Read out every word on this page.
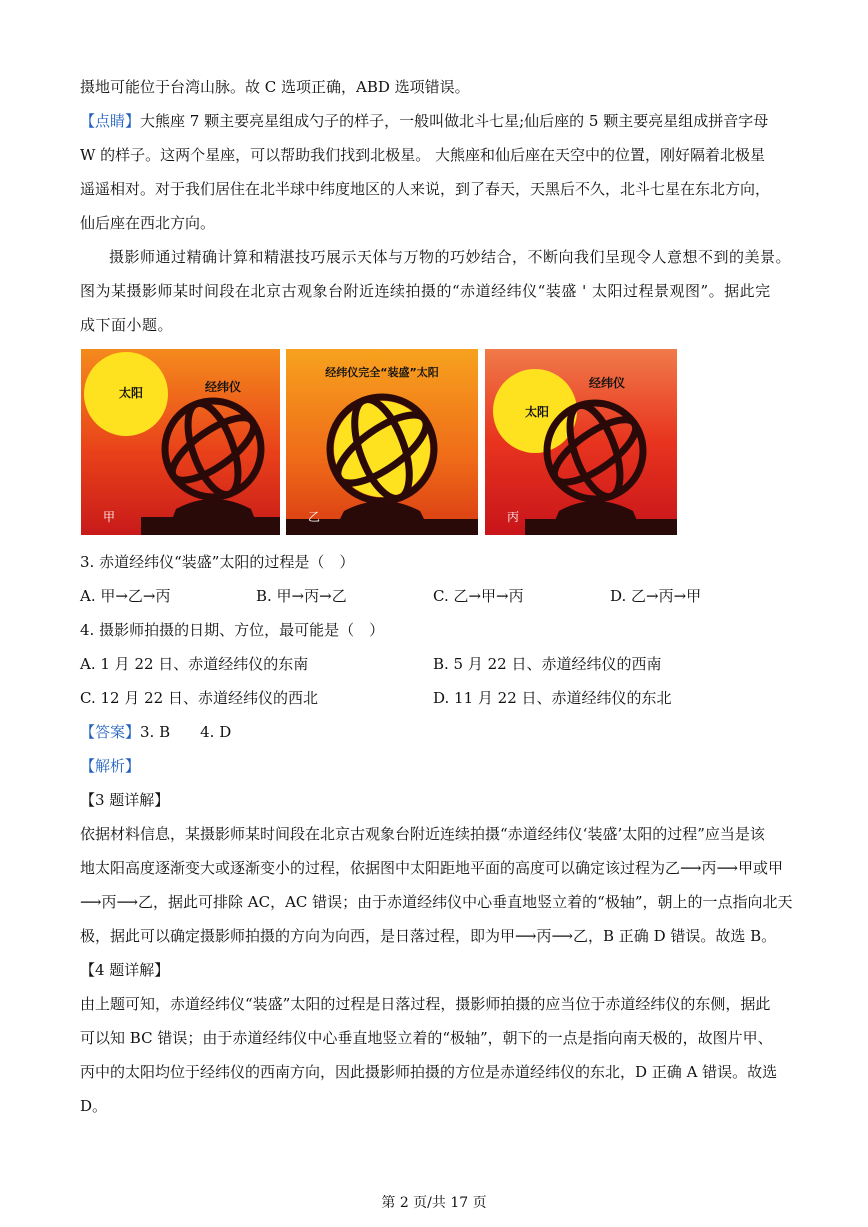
摄地可能位于台湾山脉。故 C 选项正确，ABD 选项错误。
【点睛】大熊座 7 颗主要亮星组成勺子的样子，一般叫做北斗七星;仙后座的 5 颗主要亮星组成拼音字母
W 的样子。这两个星座，可以帮助我们找到北极星。 大熊座和仙后座在天空中的位置，刚好隔着北极星
遥遥相对。对于我们居住在北半球中纬度地区的人来说，到了春天，天黑后不久，北斗七星在东北方向，
仙后座在西北方向。
摄影师通过精确计算和精湛技巧展示天体与万物的巧妙结合，不断向我们呈现令人意想不到的美景。
图为某摄影师某时间段在北京古观象台附近连续拍摄的“赤道经纬仪“装盛 ' 太阳过程景观图”。据此完
成下面小题。
太阳	经纬仪
甲
经纬仪完全“装盛”太阳
乙
太阳
经纬仪
丙
3. 赤道经纬仪“装盛”太阳的过程是（　）
A. 甲→乙→丙	B. 甲→丙→乙	C. 乙→甲→丙	D. 乙→丙→甲
4. 摄影师拍摄的日期、方位，最可能是（　）
A. 1 月 22 日、赤道经纬仪的东南	B. 5 月 22 日、赤道经纬仪的西南
C. 12 月 22 日、赤道经纬仪的西北	D. 11 月 22 日、赤道经纬仪的东北
【答案】3. B　　4. D
【解析】
【3 题详解】
依据材料信息，某摄影师某时间段在北京古观象台附近连续拍摄“赤道经纬仪‘装盛’太阳的过程”应当是该
地太阳高度逐渐变大或逐渐变小的过程，依据图中太阳距地平面的高度可以确定该过程为乙⟶丙⟶甲或甲
⟶丙⟶乙，据此可排除 AC，AC 错误；由于赤道经纬仪中心垂直地竖立着的“极轴”，朝上的一点指向北天
极，据此可以确定摄影师拍摄的方向为向西，是日落过程，即为甲⟶丙⟶乙，B 正确 D 错误。故选 B。
【4 题详解】
由上题可知，赤道经纬仪“装盛”太阳的过程是日落过程，摄影师拍摄的应当位于赤道经纬仪的东侧，据此
可以知 BC 错误；由于赤道经纬仪中心垂直地竖立着的“极轴”，朝下的一点是指向南天极的，故图片甲、
丙中的太阳均位于经纬仪的西南方向，因此摄影师拍摄的方位是赤道经纬仪的东北，D 正确 A 错误。故选
D。
第 2 页/共 17 页
